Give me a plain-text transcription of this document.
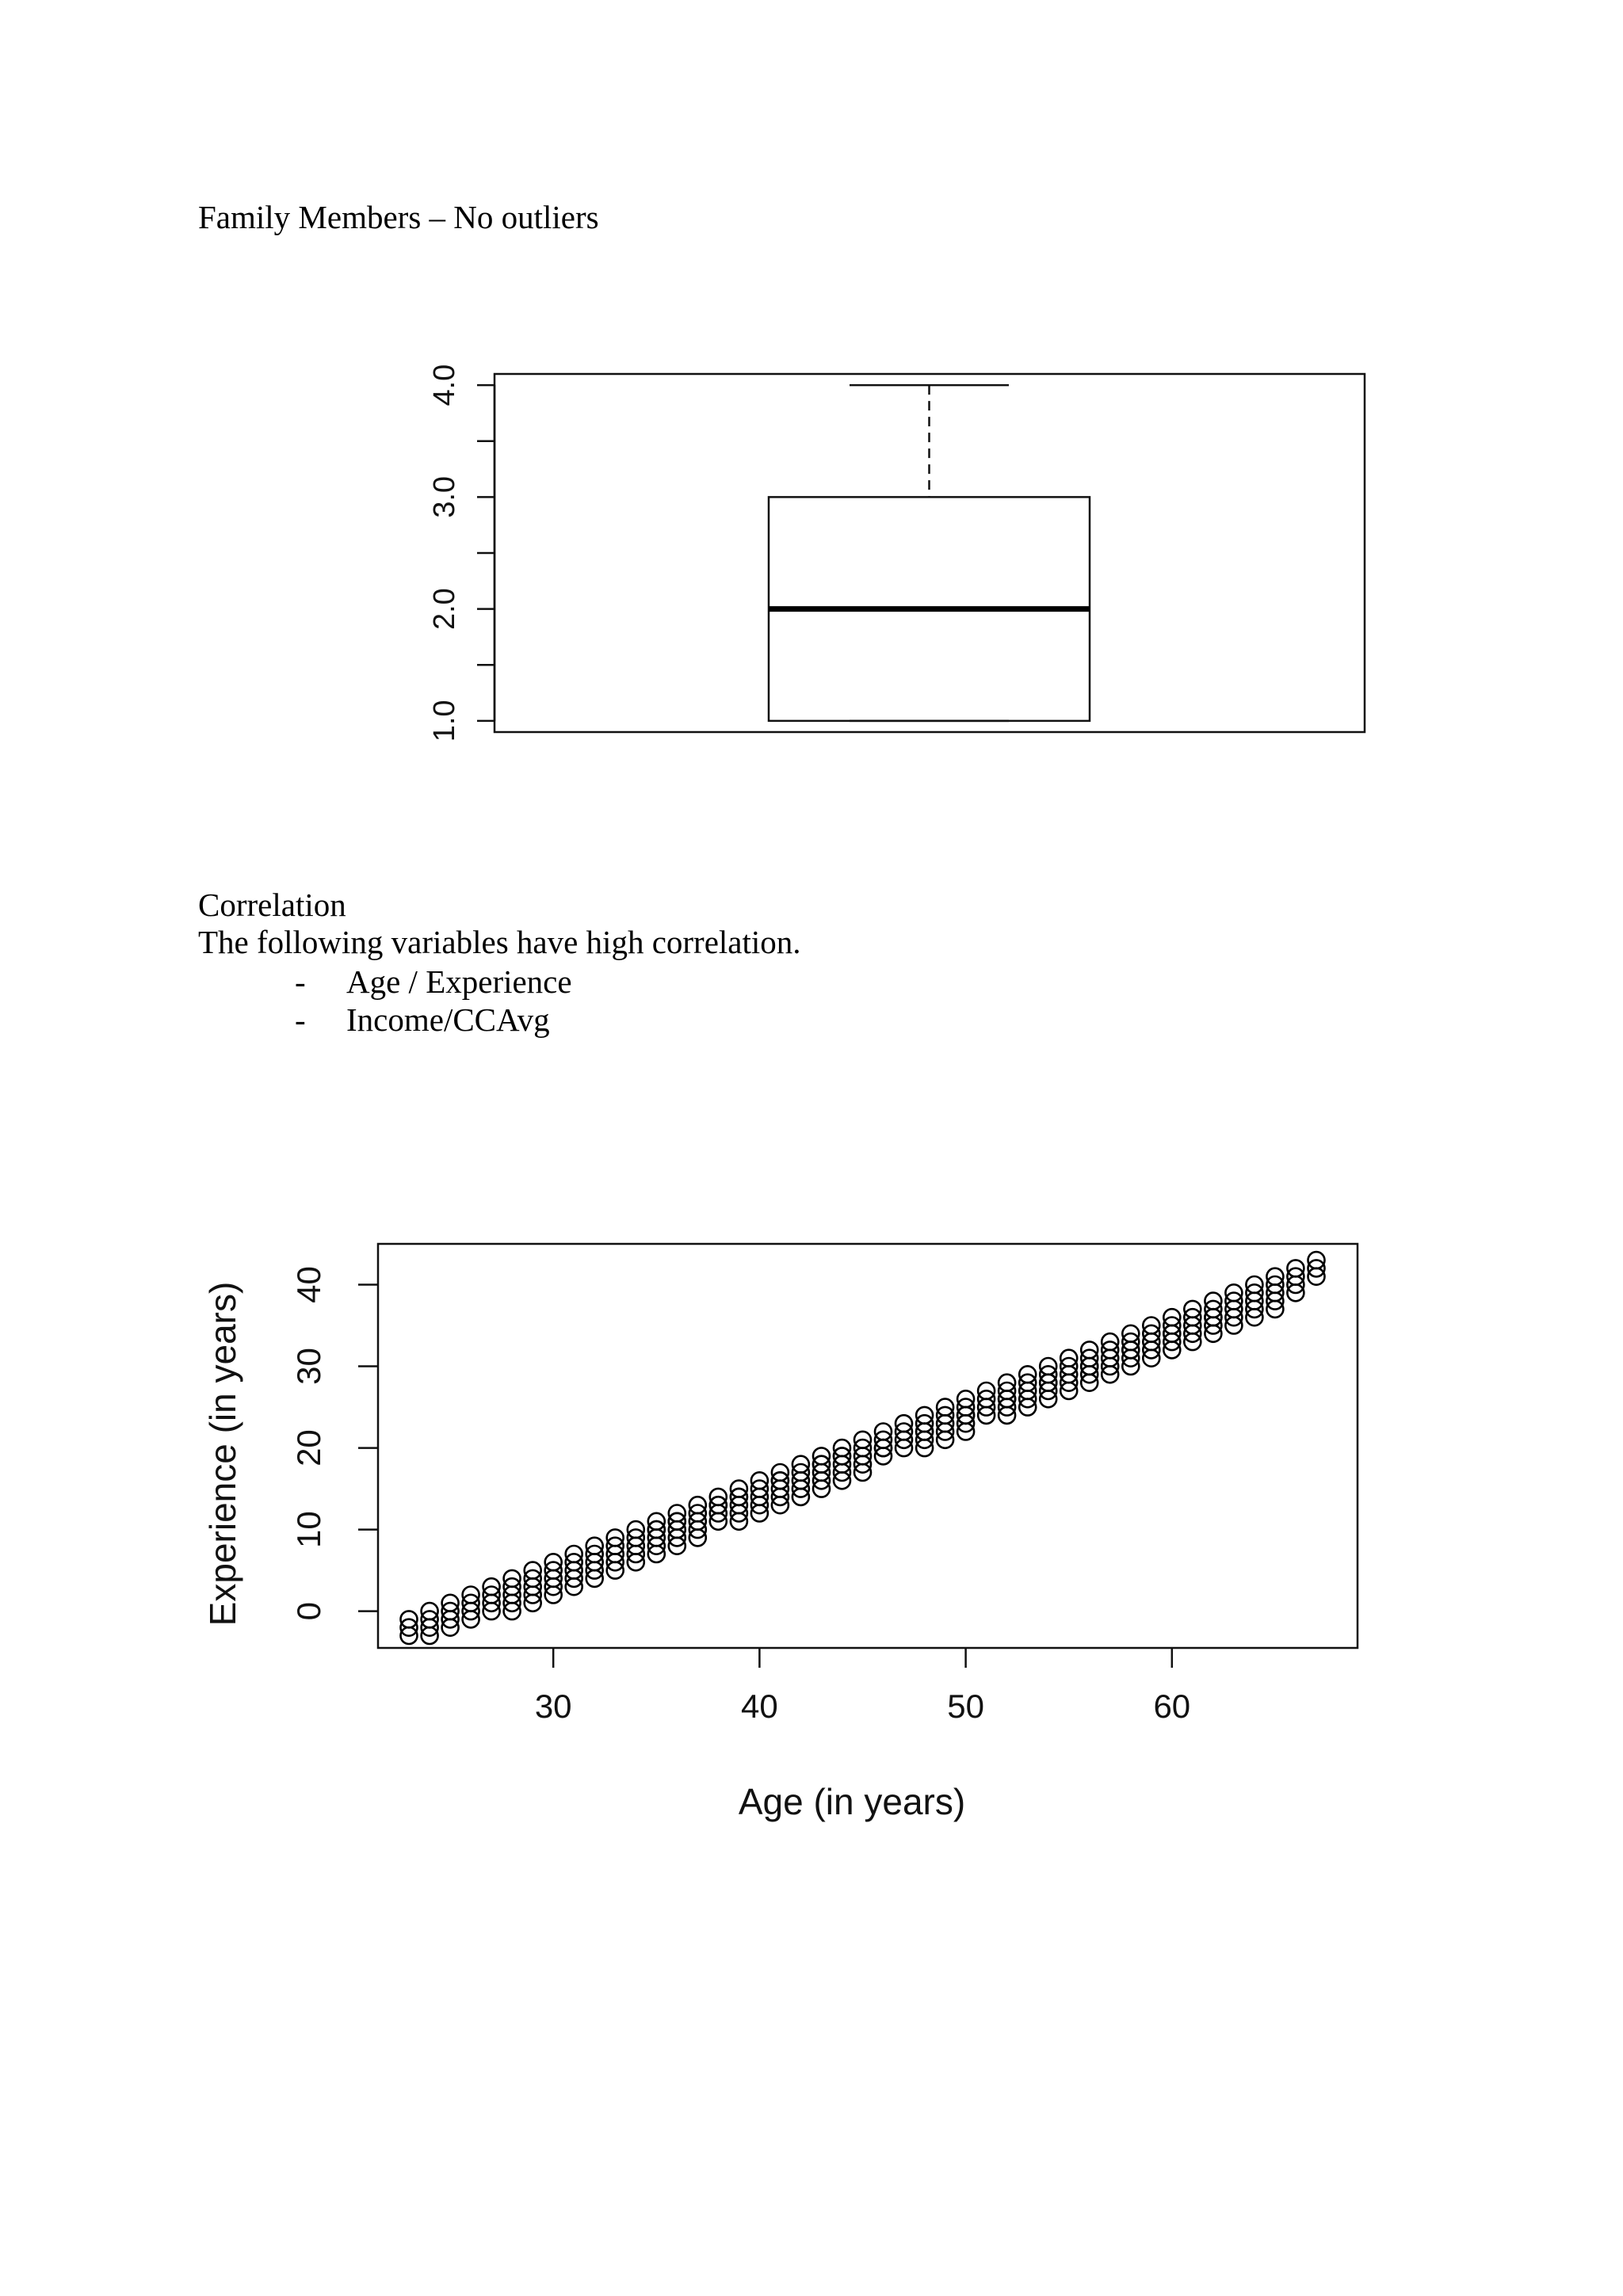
Family Members – No outliers
1.0
2.0
3.0
4.0
30	40	50	60
0
10
20
30
40
Age (in years)
Experience (in years)
Correlation
The following variables have high correlation.
- Age / Experience
- Income/CCAvg
